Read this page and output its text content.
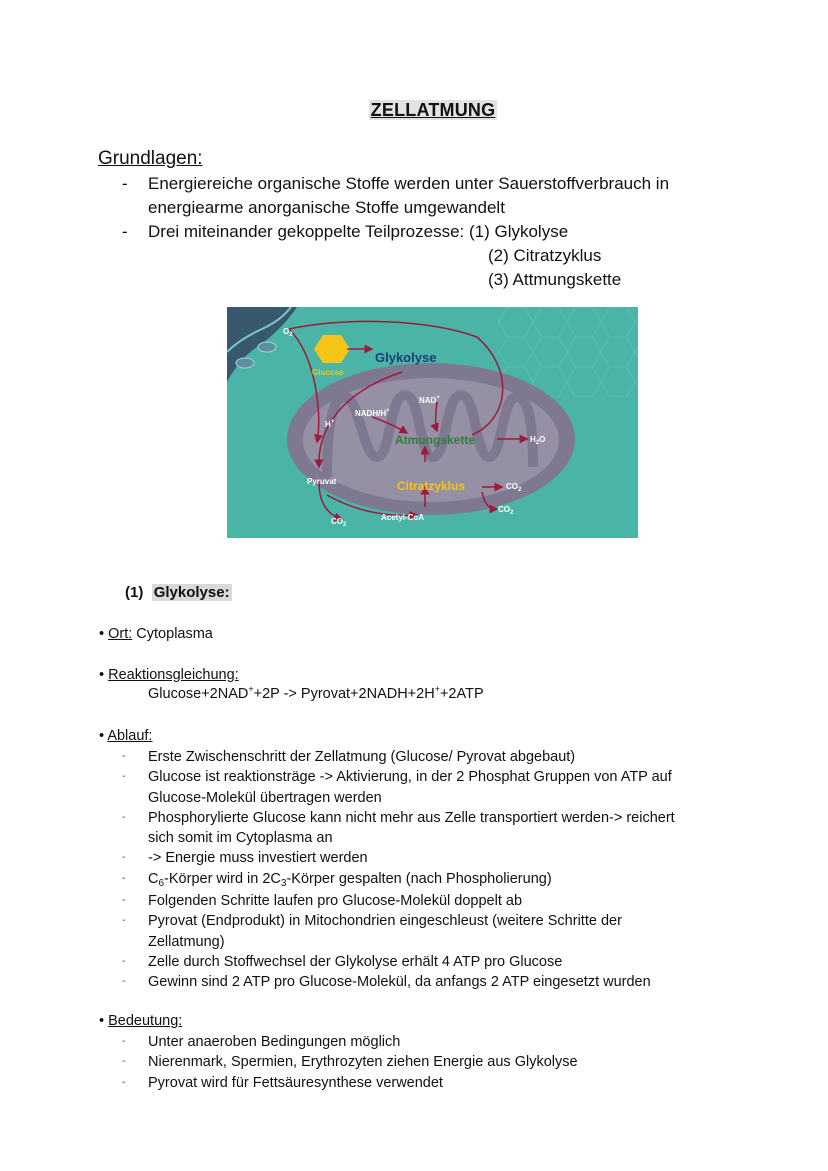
ZELLATMUNG
Grundlagen:
-	Energiereiche organische Stoffe werden unter Sauerstoffverbrauch in
energiearme anorganische Stoffe umgewandelt
-	Drei miteinander gekoppelte Teilprozesse: (1) Glykolyse
(2) Citratzyklus
(3) Attmungskette
$O_2$
Glucose
Glykolyse
NAD+
NADH/H+
H+
Atmungskette	$H_2O$
Pyruvat	Citratzyklus	$CO_2$
$CO_2$
$CO_2$
Acetyl-CoA
(1) Glykolyse:
• Ort: Cytoplasma
• Reaktionsgleichung:
Glucose+2NAD++2P -> Pyrovat+2NADH+2H++2ATP
• Ablauf:
-	Erste Zwischenschritt der Zellatmung (Glucose/ Pyrovat abgebaut)
-	Glucose ist reaktionsträge -> Aktivierung, in der 2 Phosphat Gruppen von ATP auf
Glucose-Molekül übertragen werden
-	Phosphorylierte Glucose kann nicht mehr aus Zelle transportiert werden-> reichert
sich somit im Cytoplasma an
-	-> Energie muss investiert werden
-	$C_6$-Körper wird in $2C_3$-Körper gespalten (nach Phospholierung)
-	Folgenden Schritte laufen pro Glucose-Molekül doppelt ab
-	Pyrovat (Endprodukt) in Mitochondrien eingeschleust (weitere Schritte der
Zellatmung)
-	Zelle durch Stoffwechsel der Glykolyse erhält 4 ATP pro Glucose
-	Gewinn sind 2 ATP pro Glucose-Molekül, da anfangs 2 ATP eingesetzt wurden
• Bedeutung:
-	Unter anaeroben Bedingungen möglich
-	Nierenmark, Spermien, Erythrozyten ziehen Energie aus Glykolyse
-	Pyrovat wird für Fettsäuresynthese verwendet
